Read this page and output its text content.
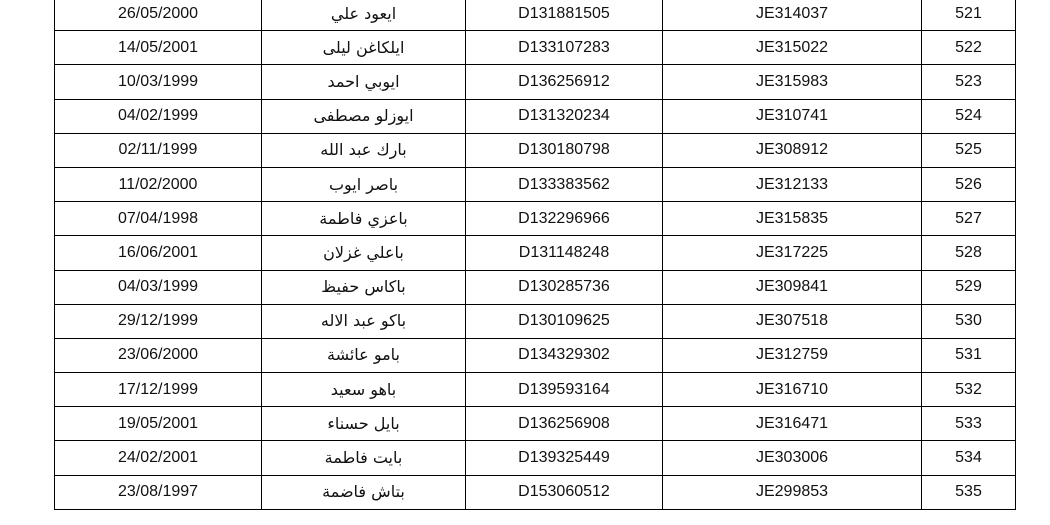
26/05/2000	ايعود علي	D131881505	JE314037	521
14/05/2001	ايلكاغن ليلى	D133107283	JE315022	522
10/03/1999	ايوبي احمد	D136256912	JE315983	523
04/02/1999	ايوزلو مصطفى	D131320234	JE310741	524
02/11/1999	بارك عبد الله	D130180798	JE308912	525
11/02/2000	باصر ايوب	D133383562	JE312133	526
07/04/1998	باعزي فاطمة	D132296966	JE315835	527
16/06/2001	باعلي غزلان	D131148248	JE317225	528
04/03/1999	باكاس حفيظ	D130285736	JE309841	529
29/12/1999	باكو عبد الاله	D130109625	JE307518	530
23/06/2000	بامو عائشة	D134329302	JE312759	531
17/12/1999	باهو سعيد	D139593164	JE316710	532
19/05/2001	بايل حسناء	D136256908	JE316471	533
24/02/2001	بايت فاطمة	D139325449	JE303006	534
23/08/1997	بتاش فاضمة	D153060512	JE299853	535
